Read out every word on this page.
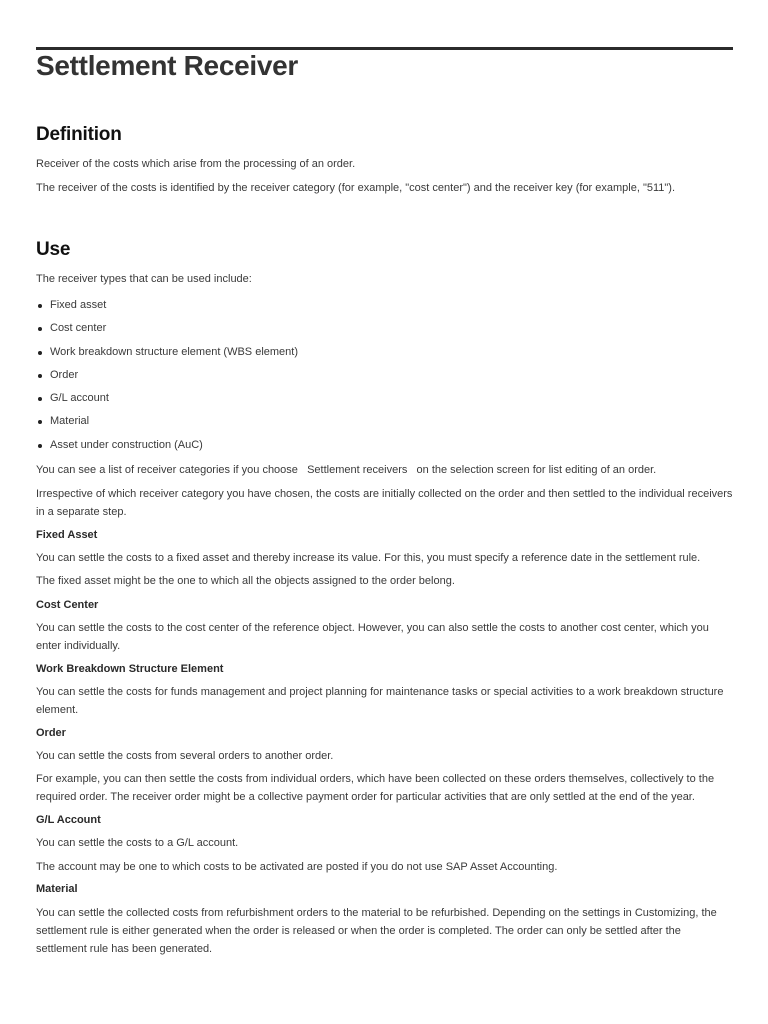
Settlement Receiver
Definition

Receiver of the costs which arise from the processing of an order.

The receiver of the costs is identified by the receiver category (for example, "cost center") and the receiver key (for example, "511").

Use

The receiver types that can be used include:

Fixed asset
Cost center
Work breakdown structure element (WBS element)
Order
G/L account
Material
Asset under construction (AuC)

You can see a list of receiver categories if you choose Settlement receivers on the selection screen for list editing of an order.

Irrespective of which receiver category you have chosen, the costs are initially collected on the order and then settled to the individual receivers in a separate step.

Fixed Asset

You can settle the costs to a fixed asset and thereby increase its value. For this, you must specify a reference date in the settlement rule.

The fixed asset might be the one to which all the objects assigned to the order belong.

Cost Center

You can settle the costs to the cost center of the reference object. However, you can also settle the costs to another cost center, which you enter individually.

Work Breakdown Structure Element

You can settle the costs for funds management and project planning for maintenance tasks or special activities to a work breakdown structure element.

Order

You can settle the costs from several orders to another order.

For example, you can then settle the costs from individual orders, which have been collected on these orders themselves, collectively to the required order. The receiver order might be a collective payment order for particular activities that are only settled at the end of the year.

G/L Account

You can settle the costs to a G/L account.

The account may be one to which costs to be activated are posted if you do not use SAP Asset Accounting.

Material

You can settle the collected costs from refurbishment orders to the material to be refurbished. Depending on the settings in Customizing, the settlement rule is either generated when the order is released or when the order is completed. The order can only be settled after the settlement rule has been generated.
